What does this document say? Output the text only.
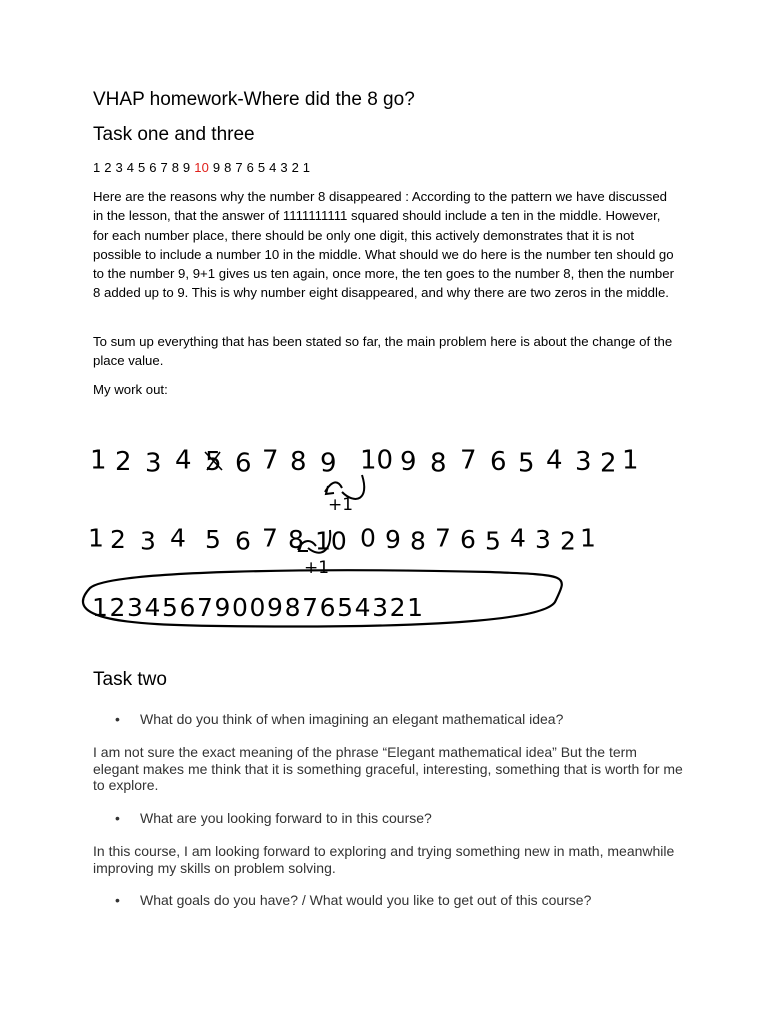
VHAP homework-Where did the 8 go?
Task one and three
1 2 3 4 5 6 7 8 9 10 9 8 7 6 5 4 3 2 1

Here are the reasons why the number 8 disappeared : According to the pattern we have discussed in the lesson, that the answer of 1111111111 squared should include a ten in the middle. However, for each number place, there should be only one digit, this actively demonstrates that it is not possible to include a number 10 in the middle. What should we do here is the number ten should go to the number 9, 9+1 gives us ten again, once more, the ten goes to the number 8, then the number 8 added up to 9. This is why number eight disappeared, and why there are two zeros in the middle.

To sum up everything that has been stated so far, the main problem here is about the change of the place value.

My work out:

1 2 3 4 5 6 7 8 9 10 9 8 7 6 5 4 3 2 1
+1
1 2 3 4 5 6 7 8 10 0 9 8 7 6 5 4 3 2 1
+1
1234567900987654321
Task two
• What do you think of when imagining an elegant mathematical idea?

I am not sure the exact meaning of the phrase “Elegant mathematical idea” But the term elegant makes me think that it is something graceful, interesting, something that is worth for me to explore.

• What are you looking forward to in this course?

In this course, I am looking forward to exploring and trying something new in math, meanwhile improving my skills on problem solving.

• What goals do you have? / What would you like to get out of this course?
